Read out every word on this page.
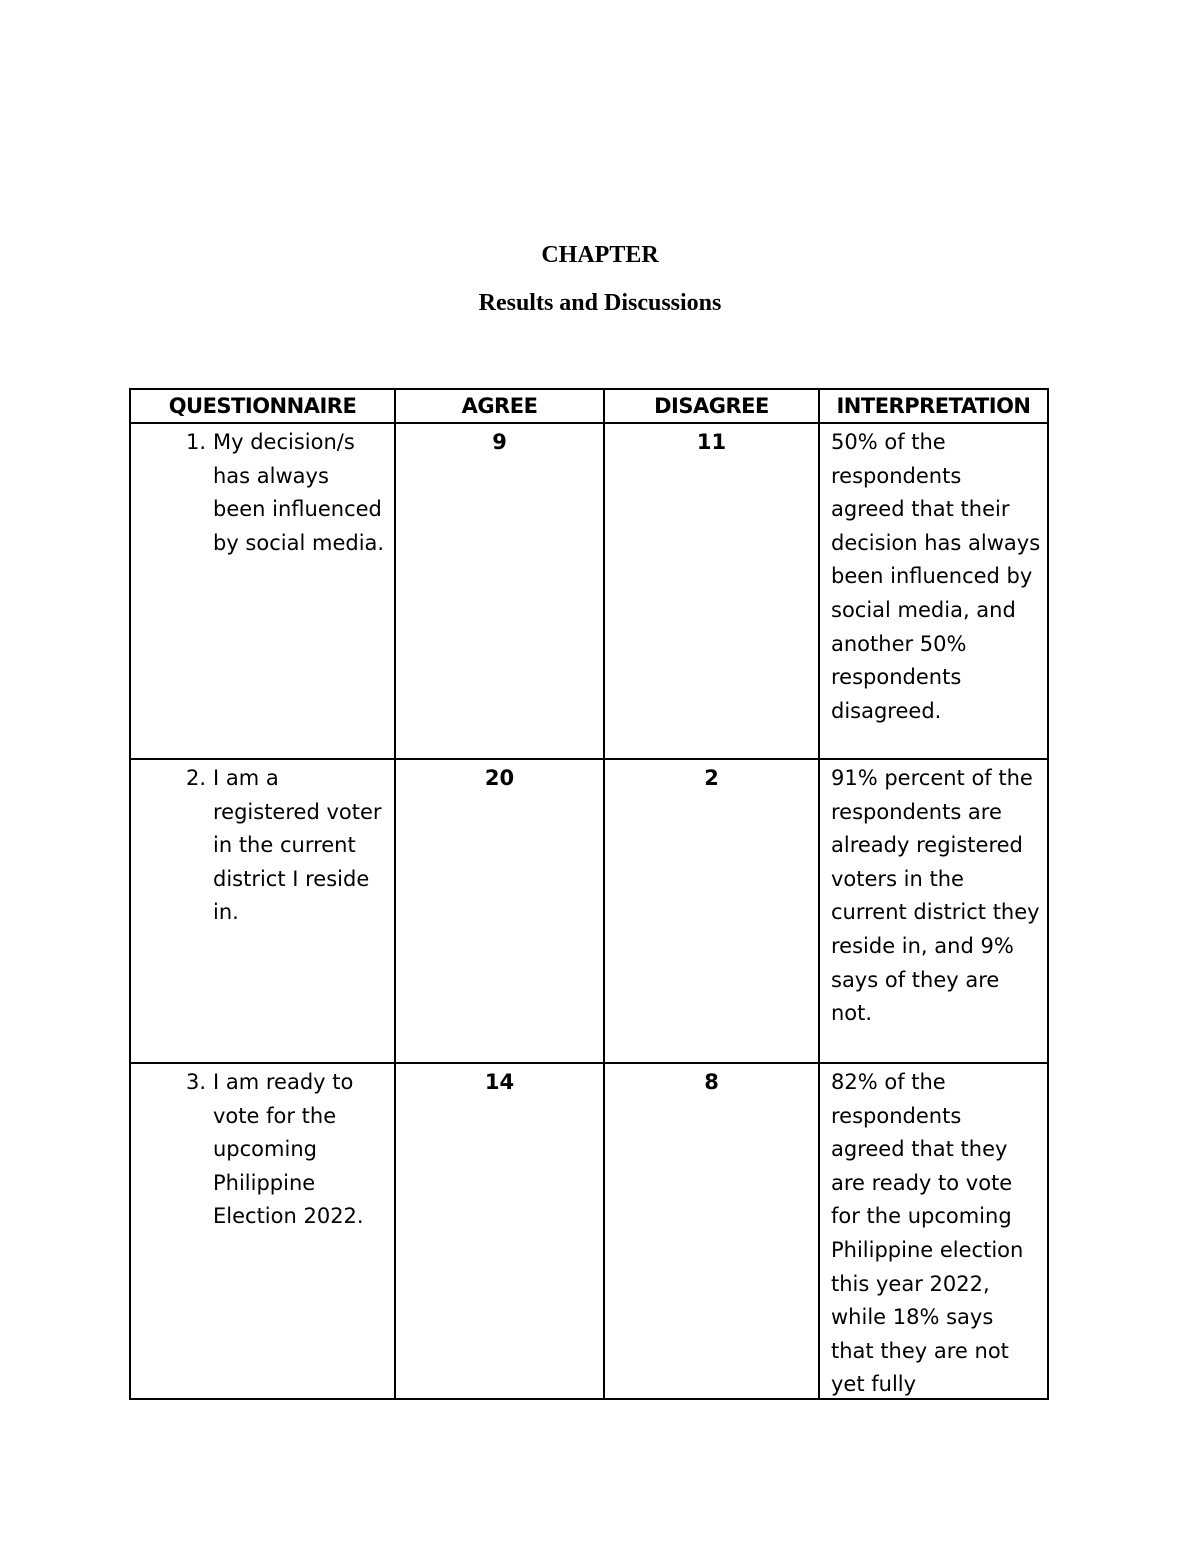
CHAPTER
Results and Discussions
QUESTIONNAIRE	AGREE	DISAGREE	INTERPRETATION

1. My decision/s has always been influenced by social media.	9	11	50% of the respondents agreed that their decision has always been influenced by social media, and another 50% respondents disagreed.

2. I am a registered voter in the current district I reside in.	20	2	91% percent of the respondents are already registered voters in the current district they reside in, and 9% says of they are not.

3. I am ready to vote for the upcoming Philippine Election 2022.	14	8	82% of the respondents agreed that they are ready to vote for the upcoming Philippine election this year 2022, while 18% says that they are not yet fully
